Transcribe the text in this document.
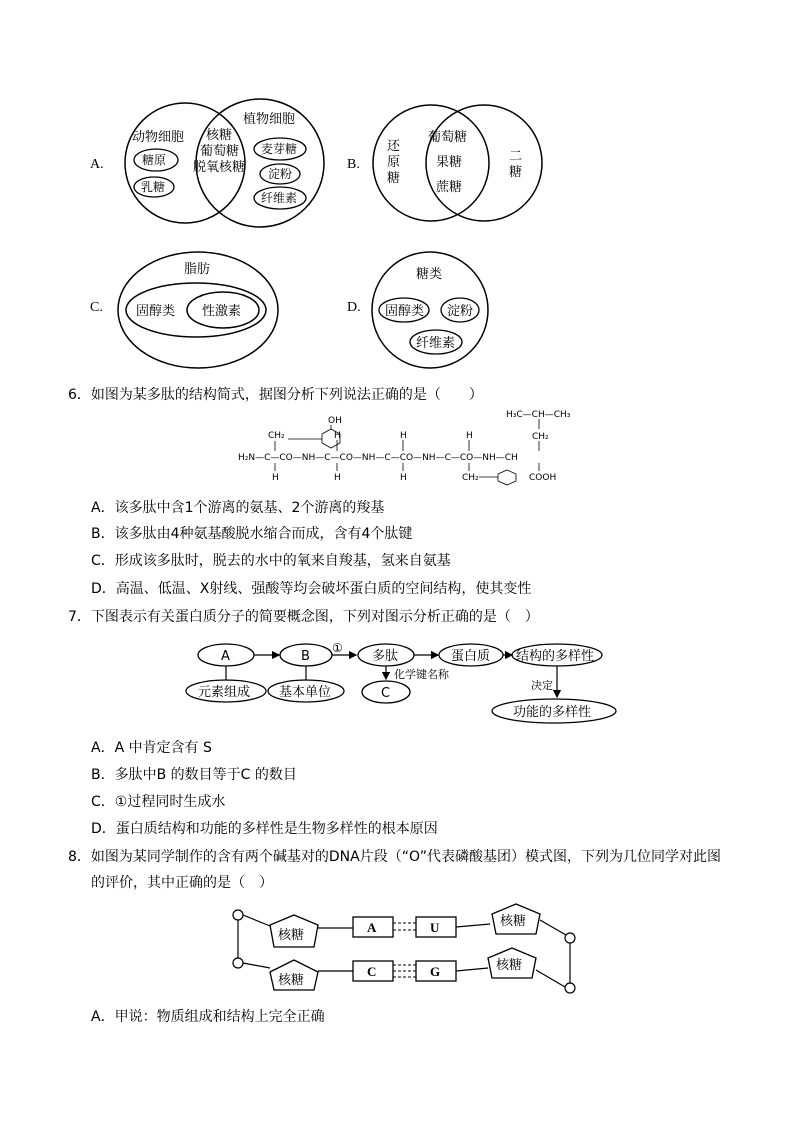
A.
动物细胞
植物细胞
糖原
乳糖
核糖
葡萄糖
脱氧核糖
麦芽糖
淀粉
纤维素
B.
还
原
糖
二
糖
葡萄糖
果糖
蔗糖
C.
脂肪
固醇类 性激素	D.
糖类
固醇类 淀粉
纤维素
6．如图为某多肽的结构简式，据图分析下列说法正确的是（　　）
H₃C—CH—CH₃
CH₂
OH
CH₂	H	H	H
H₂N—C—CO—NH—C—CO—NH—C—CO—NH—C—CO—NH—CH
H	H	H	CH₂	COOH
A．该多肽中含1个游离的氨基、2个游离的羧基
B．该多肽由4种氨基酸脱水缩合而成，含有4个肽键
C．形成该多肽时，脱去的水中的氧来自羧基，氢来自氨基
D．高温、低温、X射线、强酸等均会破坏蛋白质的空间结构，使其变性
7．下图表示有关蛋白质分子的简要概念图，下列对图示分析正确的是（　）
A	B
①
多肽	蛋白质 结构的多样性
元素组成 基本单位
化学键名称
C
决定
功能的多样性
A．A 中肯定含有 S
B．多肽中B 的数目等于C 的数目
C．①过程同时生成水
D．蛋白质结构和功能的多样性是生物多样性的根本原因
8．如图为某同学制作的含有两个碱基对的DNA片段（“O”代表磷酸基团）模式图，下列为几位同学对此图
的评价，其中正确的是（　）
核糖
核糖
A	U	核糖
C	G	核糖
A．甲说：物质组成和结构上完全正确
